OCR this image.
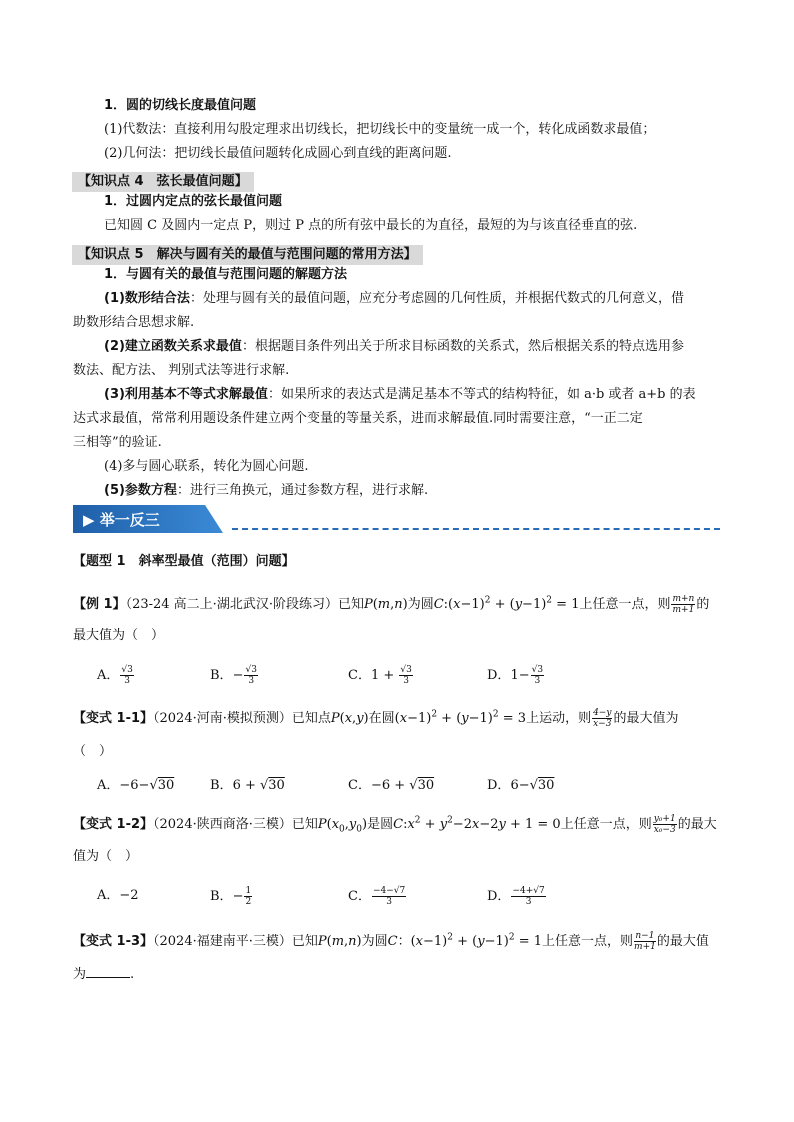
1．圆的切线长度最值问题
(1)代数法：直接利用勾股定理求出切线长，把切线长中的变量统一成一个，转化成函数求最值；
(2)几何法：把切线长最值问题转化成圆心到直线的距离问题.
【知识点 4　弦长最值问题】
1．过圆内定点的弦长最值问题
已知圆 C 及圆内一定点 P，则过 P 点的所有弦中最长的为直径，最短的为与该直径垂直的弦.
【知识点 5　解决与圆有关的最值与范围问题的常用方法】
1．与圆有关的最值与范围问题的解题方法
(1)数形结合法：处理与圆有关的最值问题，应充分考虑圆的几何性质，并根据代数式的几何意义，借
助数形结合思想求解.
(2)建立函数关系求最值：根据题目条件列出关于所求目标函数的关系式，然后根据关系的特点选用参
数法、配方法、 判别式法等进行求解.
(3)利用基本不等式求解最值：如果所求的表达式是满足基本不等式的结构特征，如 a·b 或者 a+b 的表
达式求最值，常常利用题设条件建立两个变量的等量关系，进而求解最值.同时需要注意，“一正二定
三相等”的验证.
(4)多与圆心联系，转化为圆心问题.
(5)参数方程：进行三角换元，通过参数方程，进行求解.
▶ 举一反三
【题型 1　斜率型最值（范围）问题】
【例 1】（23-24 高二上·湖北武汉·阶段练习）已知P(m,n)为圆$C:(x-1)^2 + (y-1)^2 = 1$上任意一点，则 $\frac{m+n}{m+1}$ 的
最大值为（　）
A． $\frac{√3}{3}$	B．− $\frac{√3}{3}$	C．$1 + \frac{√3}{3}$	D．$1- \frac{√3}{3}$
【变式 1-1】（2024·河南·模拟预测）已知点P(x,y)在圆$(x-1)^2 + (y-1)^2 = 3$上运动，则 $\frac{4-y}{x-3}$ 的最大值为
（　）
A．−6−√30	B．6 + √30	C．−6 + √30	D．6−√30
【变式 1-2】（2024·陕西商洛·三模）已知$P(x_0,y_0)$是圆$C:x^2 + y^2-2x-2y + 1 = 0$上任意一点，则 $\frac{\text{y₀+1}}{\text{x₀−3}}$ 的最大
值为（　）
A．−2	B．− $\frac{1}{2}$	C． $\frac{-4-√7}{3}$	D． $\frac{-4+√7}{3}$
【变式 1-3】（2024·福建南平·三模）已知P(m,n)为圆C：$(x-1)^2 + (y-1)^2 = 1$上任意一点，则 $\frac{n-1}{m+1}$ 的最大值
为	.
